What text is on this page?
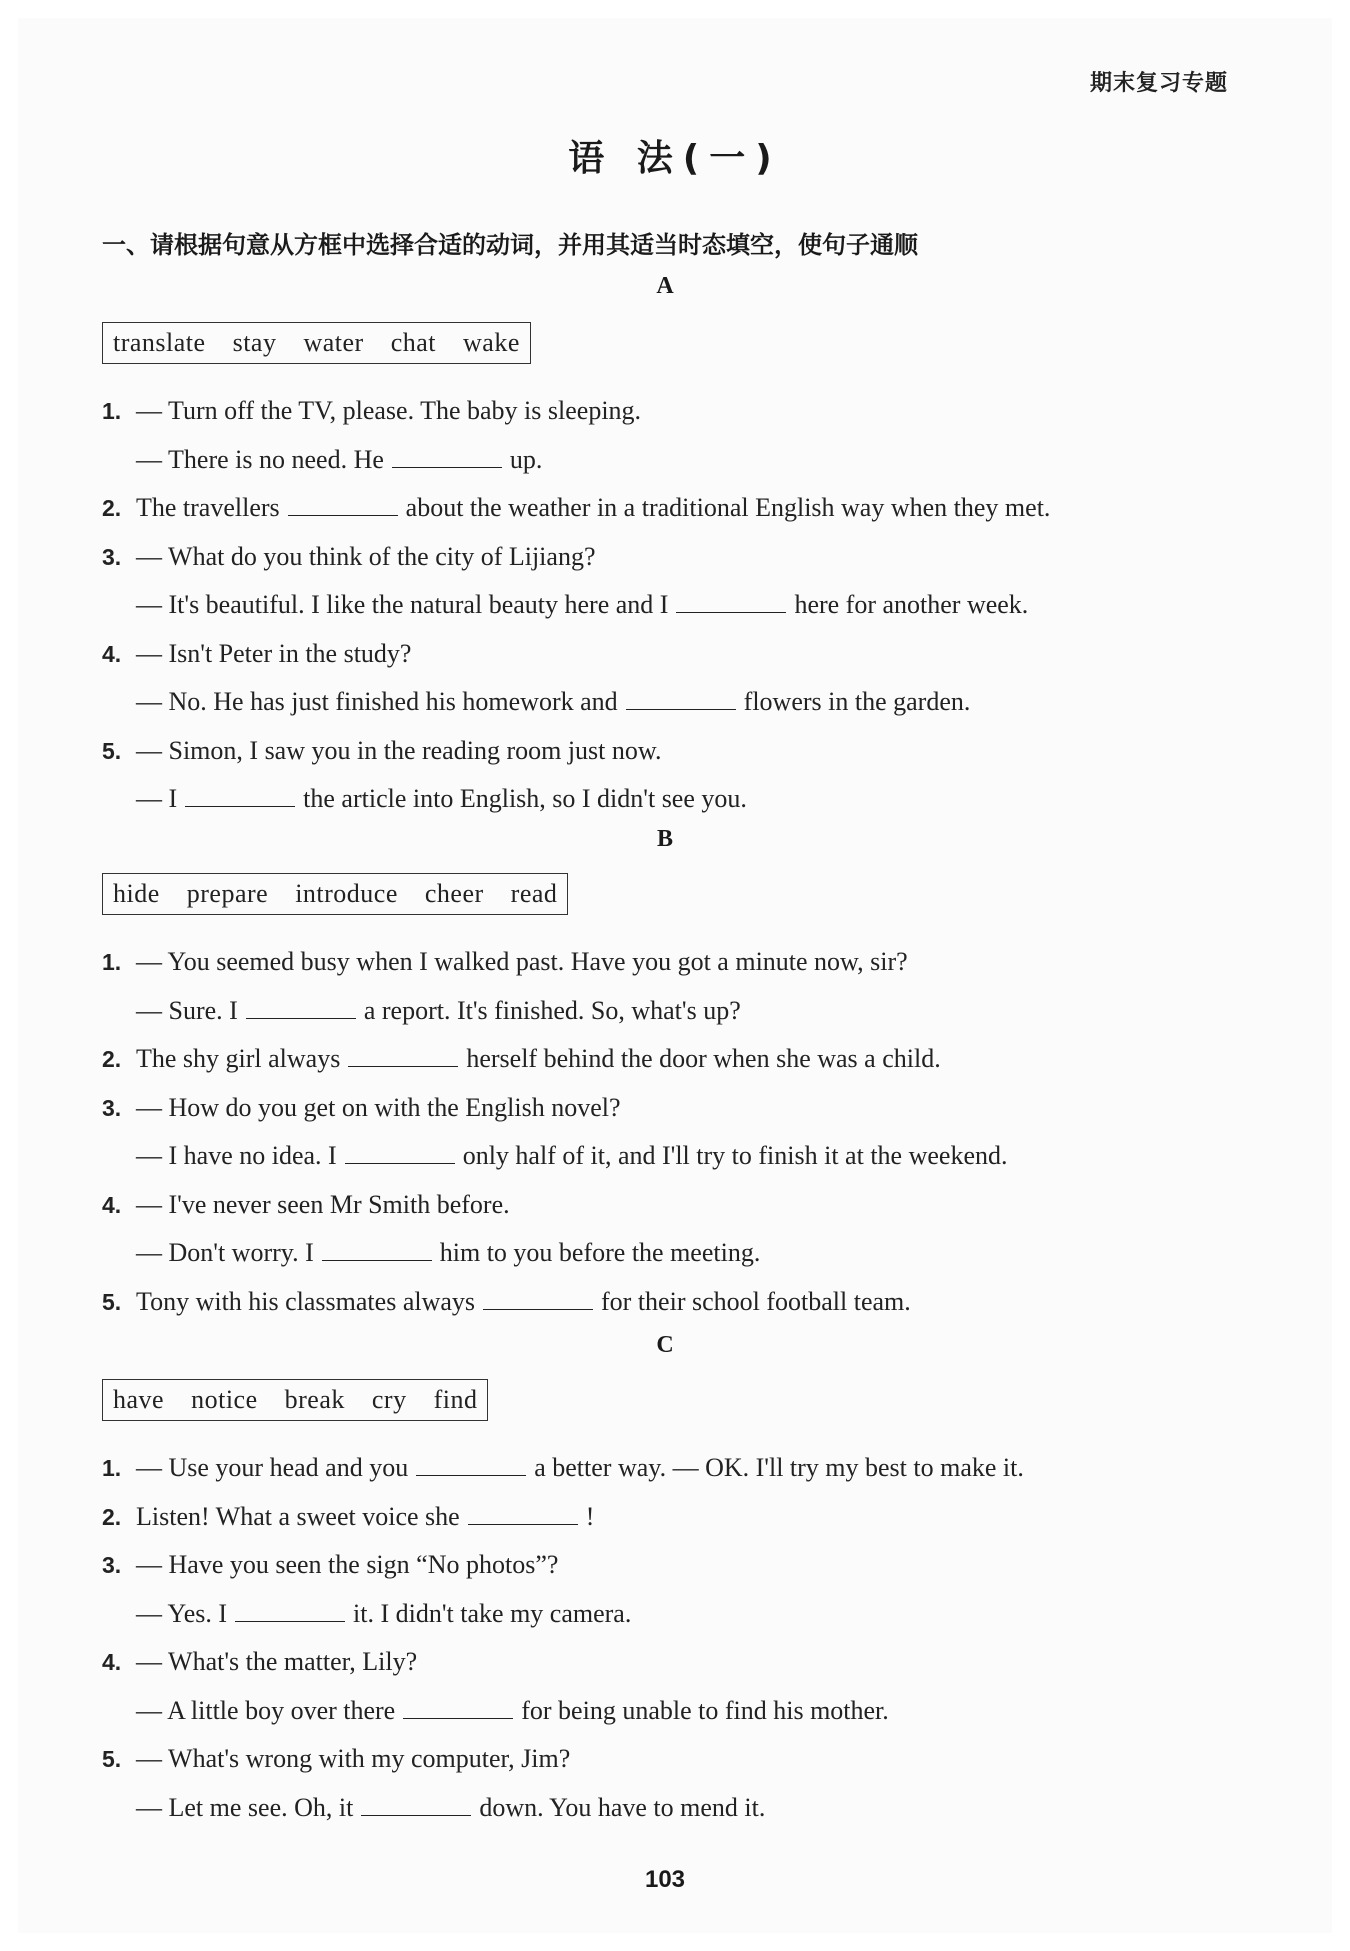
期末复习专题
语 法(一)
一、请根据句意从方框中选择合适的动词，并用其适当时态填空，使句子通顺
A
translate stay water chat wake
1. — Turn off the TV, please. The baby is sleeping.
— There is no need. He	up.
2. The travellers	about the weather in a traditional English way when they met.
3. — What do you think of the city of Lijiang?
— It's beautiful. I like the natural beauty here and I	here for another week.
4. — Isn't Peter in the study?
— No. He has just finished his homework and	flowers in the garden.
5. — Simon, I saw you in the reading room just now.
— I	the article into English, so I didn't see you.
B
hide prepare introduce cheer read
1. — You seemed busy when I walked past. Have you got a minute now, sir?
— Sure. I	a report. It's finished. So, what's up?
2. The shy girl always	herself behind the door when she was a child.
3. — How do you get on with the English novel?
— I have no idea. I	only half of it, and I'll try to finish it at the weekend.
4. — I've never seen Mr Smith before.
— Don't worry. I	him to you before the meeting.
5. Tony with his classmates always	for their school football team.
C
have notice break cry find
1. — Use your head and you	a better way. — OK. I'll try my best to make it.
2. Listen! What a sweet voice she	!
3. — Have you seen the sign “No photos”?
— Yes. I	it. I didn't take my camera.
4. — What's the matter, Lily?
— A little boy over there	for being unable to find his mother.
5. — What's wrong with my computer, Jim?
— Let me see. Oh, it	down. You have to mend it.
103
